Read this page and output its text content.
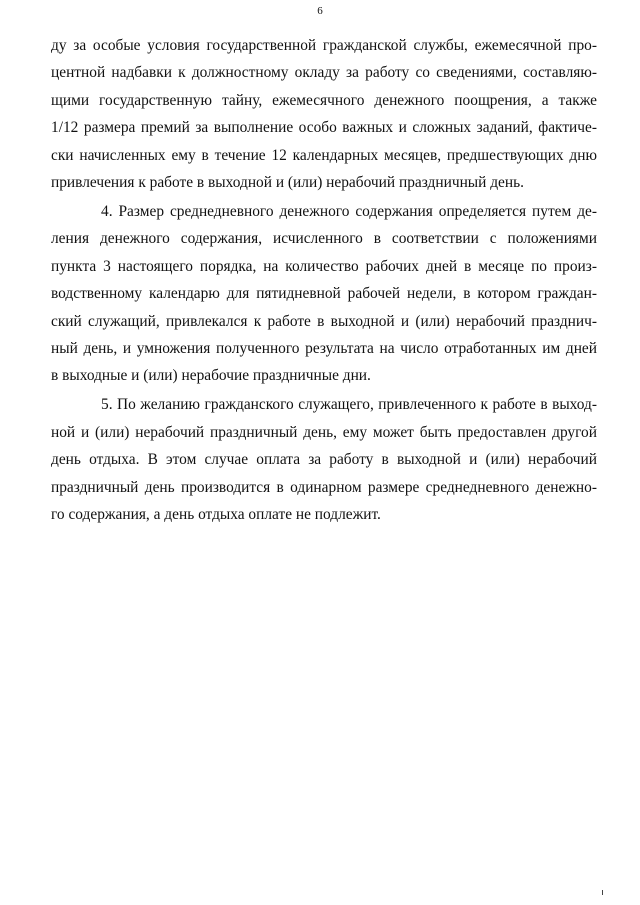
6
ду за особые условия государственной гражданской службы, ежемесячной про-
центной надбавки к должностному окладу за работу со сведениями, составляю-
щими государственную тайну, ежемесячного денежного поощрения, а также
1/12 размера премий за выполнение особо важных и сложных заданий, фактиче-
ски начисленных ему в течение 12 календарных месяцев, предшествующих дню
привлечения к работе в выходной и (или) нерабочий праздничный день.
4. Размер среднедневного денежного содержания определяется путем де-
ления денежного содержания, исчисленного в соответствии с положениями
пункта 3 настоящего порядка, на количество рабочих дней в месяце по произ-
водственному календарю для пятидневной рабочей недели, в котором граждан-
ский служащий, привлекался к работе в выходной и (или) нерабочий празднич-
ный день, и умножения полученного результата на число отработанных им дней
в выходные и (или) нерабочие праздничные дни.
5. По желанию гражданского служащего, привлеченного к работе в выход-
ной и (или) нерабочий праздничный день, ему может быть предоставлен другой
день отдыха. В этом случае оплата за работу в выходной и (или) нерабочий
праздничный день производится в одинарном размере среднедневного денежно-
го содержания, а день отдыха оплате не подлежит.
